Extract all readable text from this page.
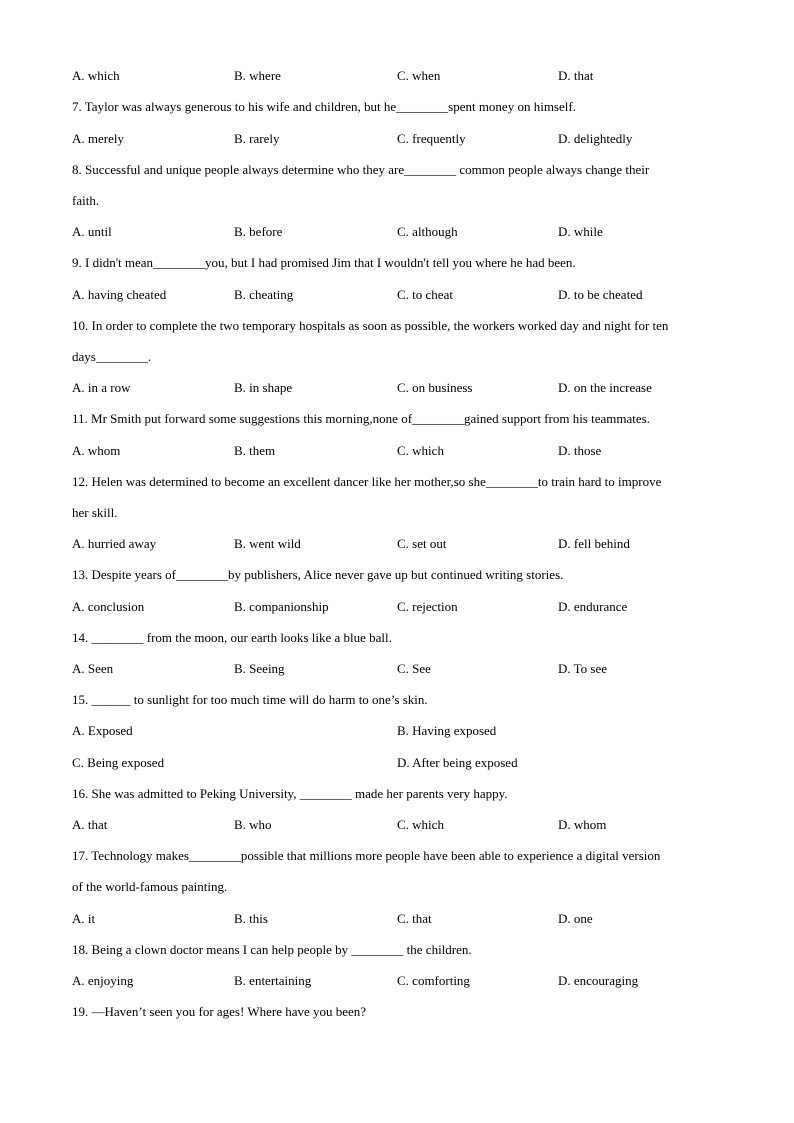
A. which	B. where	C. when	D. that
7. Taylor was always generous to his wife and children, but he________spent money on himself.
A. merely	B. rarely	C. frequently	D. delightedly
8. Successful and unique people always determine who they are________ common people always change their
faith.
A. until	B. before	C. although	D. while
9. I didn't mean________you, but I had promised Jim that I wouldn't tell you where he had been.
A. having cheated	B. cheating	C. to cheat	D. to be cheated
10. In order to complete the two temporary hospitals as soon as possible, the workers worked day and night for ten
days________.
A. in a row	B. in shape	C. on business	D. on the increase
11. Mr Smith put forward some suggestions this morning,none of________gained support from his teammates.
A. whom	B. them	C. which	D. those
12. Helen was determined to become an excellent dancer like her mother,so she________to train hard to improve
her skill.
A. hurried away	B. went wild	C. set out	D. fell behind
13. Despite years of________by publishers, Alice never gave up but continued writing stories.
A. conclusion	B. companionship	C. rejection	D. endurance
14. ________ from the moon, our earth looks like a blue ball.
A. Seen	B. Seeing	C. See	D. To see
15. ______ to sunlight for too much time will do harm to one’s skin.
A. Exposed	B. Having exposed
C. Being exposed	D. After being exposed
16. She was admitted to Peking University, ________ made her parents very happy.
A. that	B. who	C. which	D. whom
17. Technology makes________possible that millions more people have been able to experience a digital version
of the world-famous painting.
A. it	B. this	C. that	D. one
18. Being a clown doctor means I can help people by ________ the children.
A. enjoying	B. entertaining	C. comforting	D. encouraging
19. —Haven’t seen you for ages! Where have you been?
